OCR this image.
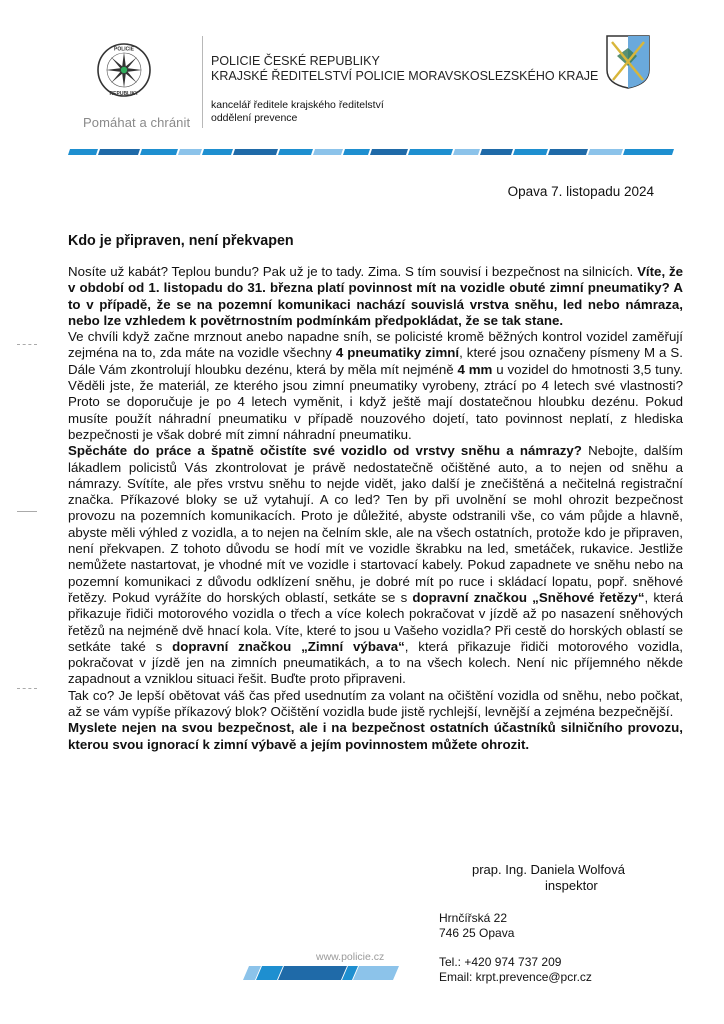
POLICIE
REPUBLIKY
Pomáhat a chránit
POLICIE ČESKÉ REPUBLIKY
KRAJSKÉ ŘEDITELSTVÍ POLICIE MORAVSKOSLEZSKÉHO KRAJE
kancelář ředitele krajského ředitelství
oddělení prevence
Opava 7. listopadu 2024
Kdo je připraven, není překvapen

Nosíte už kabát? Teplou bundu? Pak už je to tady. Zima. S tím souvisí i bezpečnost na silnicích. Víte, že v období od 1. listopadu do 31. března platí povinnost mít na vozidle obuté zimní pneumatiky? A to v případě, že se na pozemní komunikaci nachází souvislá vrstva sněhu, led nebo námraza, nebo lze vzhledem k povětrnostním podmínkám předpokládat, že se tak stane.

Ve chvíli když začne mrznout anebo napadne sníh, se policisté kromě běžných kontrol vozidel zaměřují zejména na to, zda máte na vozidle všechny 4 pneumatiky zimní, které jsou označeny písmeny M a S. Dále Vám zkontrolují hloubku dezénu, která by měla mít nejméně 4 mm u vozidel do hmotnosti 3,5 tuny. Věděli jste, že materiál, ze kterého jsou zimní pneumatiky vyrobeny, ztrácí po 4 letech své vlastnosti? Proto se doporučuje je po 4 letech vyměnit, i když ještě mají dostatečnou hloubku dezénu. Pokud musíte použít náhradní pneumatiku v případě nouzového dojetí, tato povinnost neplatí, z hlediska bezpečnosti je však dobré mít zimní náhradní pneumatiku.

Spěcháte do práce a špatně očistíte své vozidlo od vrstvy sněhu a námrazy? Nebojte, dalším lákadlem policistů Vás zkontrolovat je právě nedostatečně očištěné auto, a to nejen od sněhu a námrazy. Svítíte, ale přes vrstvu sněhu to nejde vidět, jako další je znečištěná a nečitelná registrační značka. Příkazové bloky se už vytahují. A co led? Ten by při uvolnění se mohl ohrozit bezpečnost provozu na pozemních komunikacích. Proto je důležité, abyste odstranili vše, co vám půjde a hlavně, abyste měli výhled z vozidla, a to nejen na čelním skle, ale na všech ostatních, protože kdo je připraven, není překvapen. Z tohoto důvodu se hodí mít ve vozidle škrabku na led, smetáček, rukavice. Jestliže nemůžete nastartovat, je vhodné mít ve vozidle i startovací kabely. Pokud zapadnete ve sněhu nebo na pozemní komunikaci z důvodu odklízení sněhu, je dobré mít po ruce i skládací lopatu, popř. sněhové řetězy. Pokud vyrážíte do horských oblastí, setkáte se s dopravní značkou „Sněhové řetězy“, která přikazuje řidiči motorového vozidla o třech a více kolech pokračovat v jízdě až po nasazení sněhových řetězů na nejméně dvě hnací kola. Víte, které to jsou u Vašeho vozidla? Při cestě do horských oblastí se setkáte také s dopravní značkou „Zimní výbava“, která přikazuje řidiči motorového vozidla, pokračovat v jízdě jen na zimních pneumatikách, a to na všech kolech. Není nic příjemného někde zapadnout a vzniklou situaci řešit. Buďte proto připraveni.

Tak co? Je lepší obětovat váš čas před usednutím za volant na očištění vozidla od sněhu, nebo počkat, až se vám vypíše příkazový blok? Očištění vozidla bude jistě rychlejší, levnější a zejména bezpečnější.

Myslete nejen na svou bezpečnost, ale i na bezpečnost ostatních účastníků silničního provozu, kterou svou ignorací k zimní výbavě a jejím povinnostem můžete ohrozit.

prap. Ing. Daniela Wolfová
inspektor
Hrnčířská 22
746 25 Opava
Tel.: +420 974 737 209
Email: krpt.prevence@pcr.cz
www.policie.cz
